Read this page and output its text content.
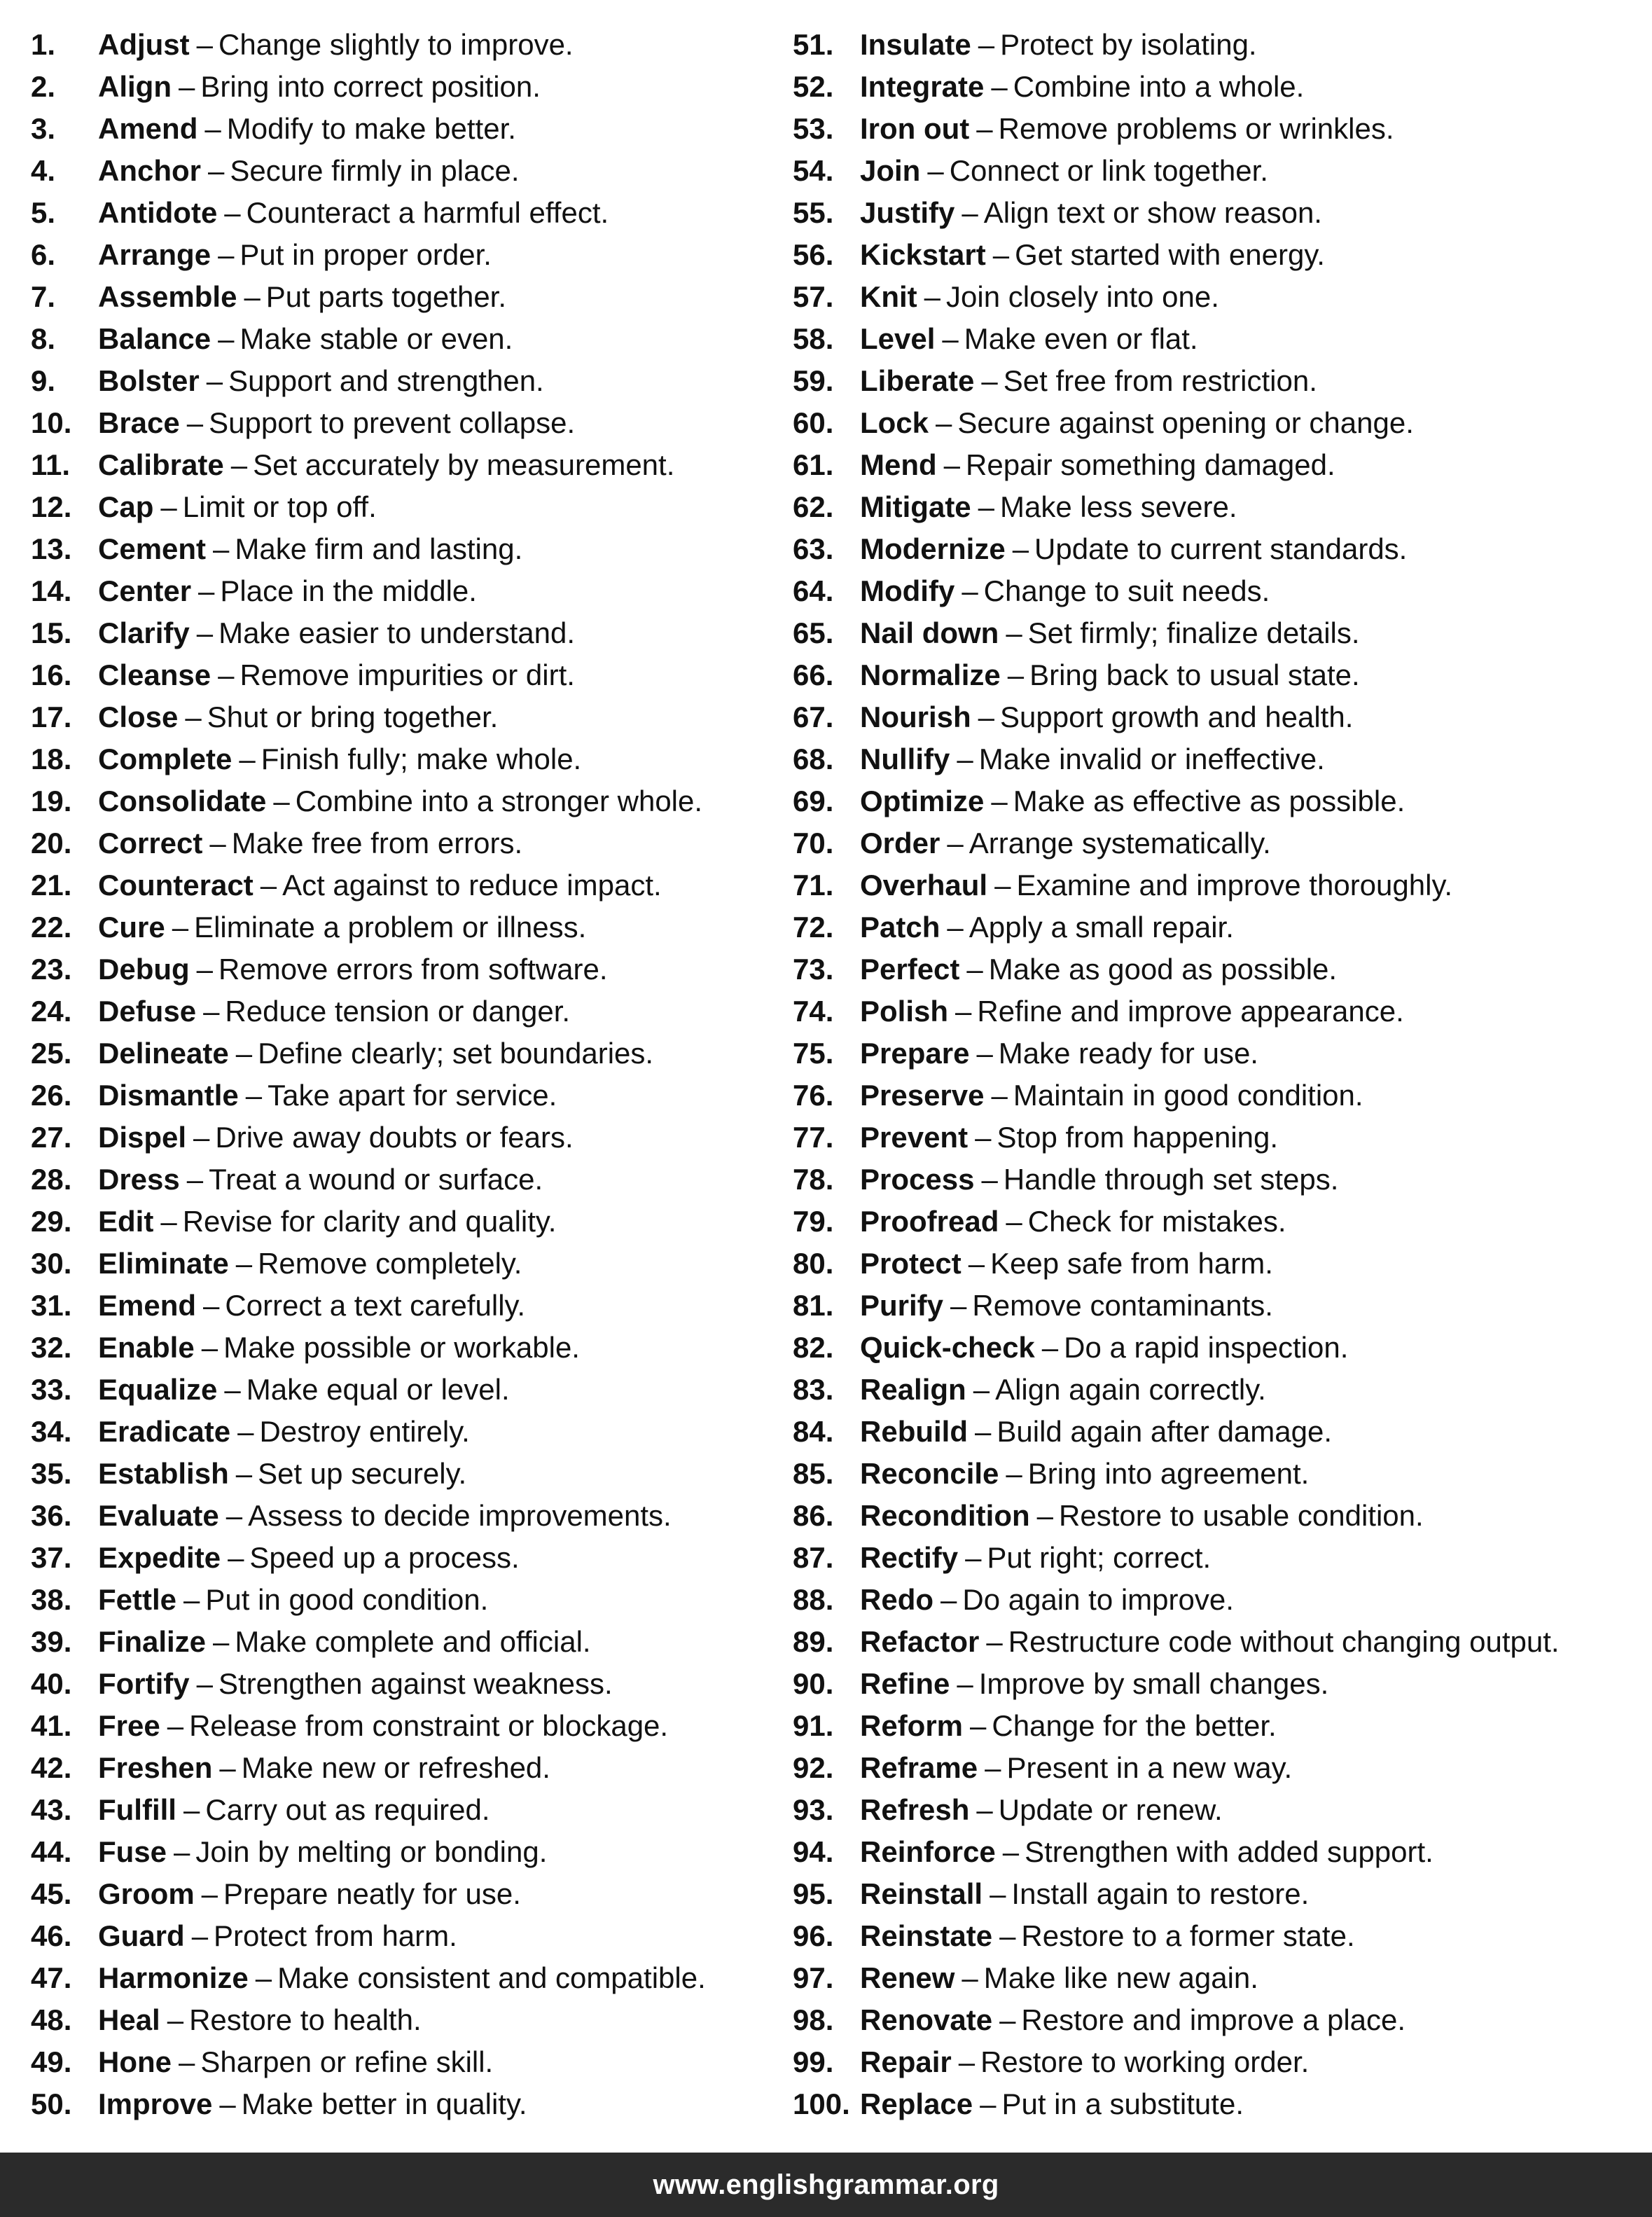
1.	Adjust – Change slightly to improve.
2.	Align – Bring into correct position.
3.	Amend – Modify to make better.
4.	Anchor – Secure firmly in place.
5.	Antidote – Counteract a harmful effect.
6.	Arrange – Put in proper order.
7.	Assemble – Put parts together.
8.	Balance – Make stable or even.
9.	Bolster – Support and strengthen.
10. Brace – Support to prevent collapse.
11. Calibrate – Set accurately by measurement.
12. Cap – Limit or top off.
13. Cement – Make firm and lasting.
14. Center – Place in the middle.
15. Clarify – Make easier to understand.
16. Cleanse – Remove impurities or dirt.
17. Close – Shut or bring together.
18. Complete – Finish fully; make whole.
19. Consolidate – Combine into a stronger whole.
20. Correct – Make free from errors.
21. Counteract – Act against to reduce impact.
22. Cure – Eliminate a problem or illness.
23. Debug – Remove errors from software.
24. Defuse – Reduce tension or danger.
25. Delineate – Define clearly; set boundaries.
26. Dismantle – Take apart for service.
27. Dispel – Drive away doubts or fears.
28. Dress – Treat a wound or surface.
29. Edit – Revise for clarity and quality.
30. Eliminate – Remove completely.
31. Emend – Correct a text carefully.
32. Enable – Make possible or workable.
33. Equalize – Make equal or level.
34. Eradicate – Destroy entirely.
35. Establish – Set up securely.
36. Evaluate – Assess to decide improvements.
37. Expedite – Speed up a process.
38. Fettle – Put in good condition.
39. Finalize – Make complete and official.
40. Fortify – Strengthen against weakness.
41. Free – Release from constraint or blockage.
42. Freshen – Make new or refreshed.
43. Fulfill – Carry out as required.
44. Fuse – Join by melting or bonding.
45. Groom – Prepare neatly for use.
46. Guard – Protect from harm.
47. Harmonize – Make consistent and compatible.
48. Heal – Restore to health.
49. Hone – Sharpen or refine skill.
50. Improve – Make better in quality.
51. Insulate – Protect by isolating.
52. Integrate – Combine into a whole.
53. Iron out – Remove problems or wrinkles.
54. Join – Connect or link together.
55. Justify – Align text or show reason.
56. Kickstart – Get started with energy.
57. Knit – Join closely into one.
58. Level – Make even or flat.
59. Liberate – Set free from restriction.
60. Lock – Secure against opening or change.
61. Mend – Repair something damaged.
62. Mitigate – Make less severe.
63. Modernize – Update to current standards.
64. Modify – Change to suit needs.
65. Nail down – Set firmly; finalize details.
66. Normalize – Bring back to usual state.
67. Nourish – Support growth and health.
68. Nullify – Make invalid or ineffective.
69. Optimize – Make as effective as possible.
70. Order – Arrange systematically.
71. Overhaul – Examine and improve thoroughly.
72. Patch – Apply a small repair.
73. Perfect – Make as good as possible.
74. Polish – Refine and improve appearance.
75. Prepare – Make ready for use.
76. Preserve – Maintain in good condition.
77. Prevent – Stop from happening.
78. Process – Handle through set steps.
79. Proofread – Check for mistakes.
80. Protect – Keep safe from harm.
81. Purify – Remove contaminants.
82. Quick-check – Do a rapid inspection.
83. Realign – Align again correctly.
84. Rebuild – Build again after damage.
85. Reconcile – Bring into agreement.
86. Recondition – Restore to usable condition.
87. Rectify – Put right; correct.
88. Redo – Do again to improve.
89. Refactor – Restructure code without changing output.
90. Refine – Improve by small changes.
91. Reform – Change for the better.
92. Reframe – Present in a new way.
93. Refresh – Update or renew.
94. Reinforce – Strengthen with added support.
95. Reinstall – Install again to restore.
96. Reinstate – Restore to a former state.
97. Renew – Make like new again.
98. Renovate – Restore and improve a place.
99. Repair – Restore to working order.
100. Replace – Put in a substitute.
www.englishgrammar.org
